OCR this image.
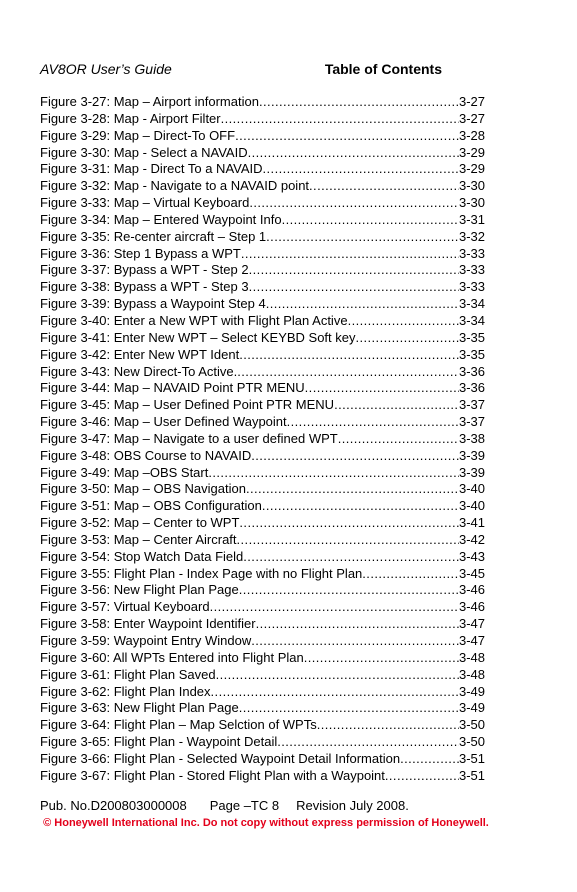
AV8OR User’s Guide	Table of Contents
Figure 3-27: Map – Airport information .....	3-27
Figure 3-28: Map - Airport Filter .....	3-27
Figure 3-29: Map – Direct-To OFF .....	3-28
Figure 3-30: Map - Select a NAVAID .....	3-29
Figure 3-31: Map - Direct To a NAVAID .....	3-29
Figure 3-32: Map - Navigate to a NAVAID point .....	3-30
Figure 3-33: Map – Virtual Keyboard .....	3-30
Figure 3-34: Map – Entered Waypoint Info .....	3-31
Figure 3-35: Re-center aircraft – Step 1 .....	3-32
Figure 3-36: Step 1 Bypass a WPT .....	3-33
Figure 3-37: Bypass a WPT - Step 2 .....	3-33
Figure 3-38: Bypass a WPT - Step 3 .....	3-33
Figure 3-39: Bypass a Waypoint Step 4 .....	3-34
Figure 3-40: Enter a New WPT with Flight Plan Active .....	3-34
Figure 3-41: Enter New WPT – Select KEYBD Soft key .....	3-35
Figure 3-42: Enter New WPT Ident .....	3-35
Figure 3-43: New Direct-To Active. .....	3-36
Figure 3-44: Map – NAVAID Point PTR MENU .....	3-36
Figure 3-45: Map – User Defined Point PTR MENU .....	3-37
Figure 3-46: Map – User Defined Waypoint .....	3-37
Figure 3-47: Map – Navigate to a user defined WPT .....	3-38
Figure 3-48: OBS Course to NAVAID .....	3-39
Figure 3-49: Map –OBS Start .....	3-39
Figure 3-50: Map – OBS Navigation .....	3-40
Figure 3-51: Map – OBS Configuration .....	3-40
Figure 3-52: Map – Center to WPT .....	3-41
Figure 3-53: Map – Center Aircraft .....	3-42
Figure 3-54: Stop Watch Data Field .....	3-43
Figure 3-55: Flight Plan - Index Page with no Flight Plan .....	3-45
Figure 3-56: New Flight Plan Page .....	3-46
Figure 3-57: Virtual Keyboard .....	3-46
Figure 3-58: Enter Waypoint Identifier .....	3-47
Figure 3-59: Waypoint Entry Window .....	3-47
Figure 3-60: All WPTs Entered into Flight Plan .....	3-48
Figure 3-61: Flight Plan Saved .....	3-48
Figure 3-62: Flight Plan Index .....	3-49
Figure 3-63: New Flight Plan Page .....	3-49
Figure 3-64: Flight Plan – Map Selction of WPTs .....	3-50
Figure 3-65: Flight Plan - Waypoint Detail .....	3-50
Figure 3-66: Flight Plan - Selected Waypoint Detail Information .....	3-51
Figure 3-67: Flight Plan - Stored Flight Plan with a Waypoint .....	3-51
Pub. No.D200803000008 Page –TC 8 Revision July 2008.
© Honeywell International Inc. Do not copy without express permission of Honeywell.
